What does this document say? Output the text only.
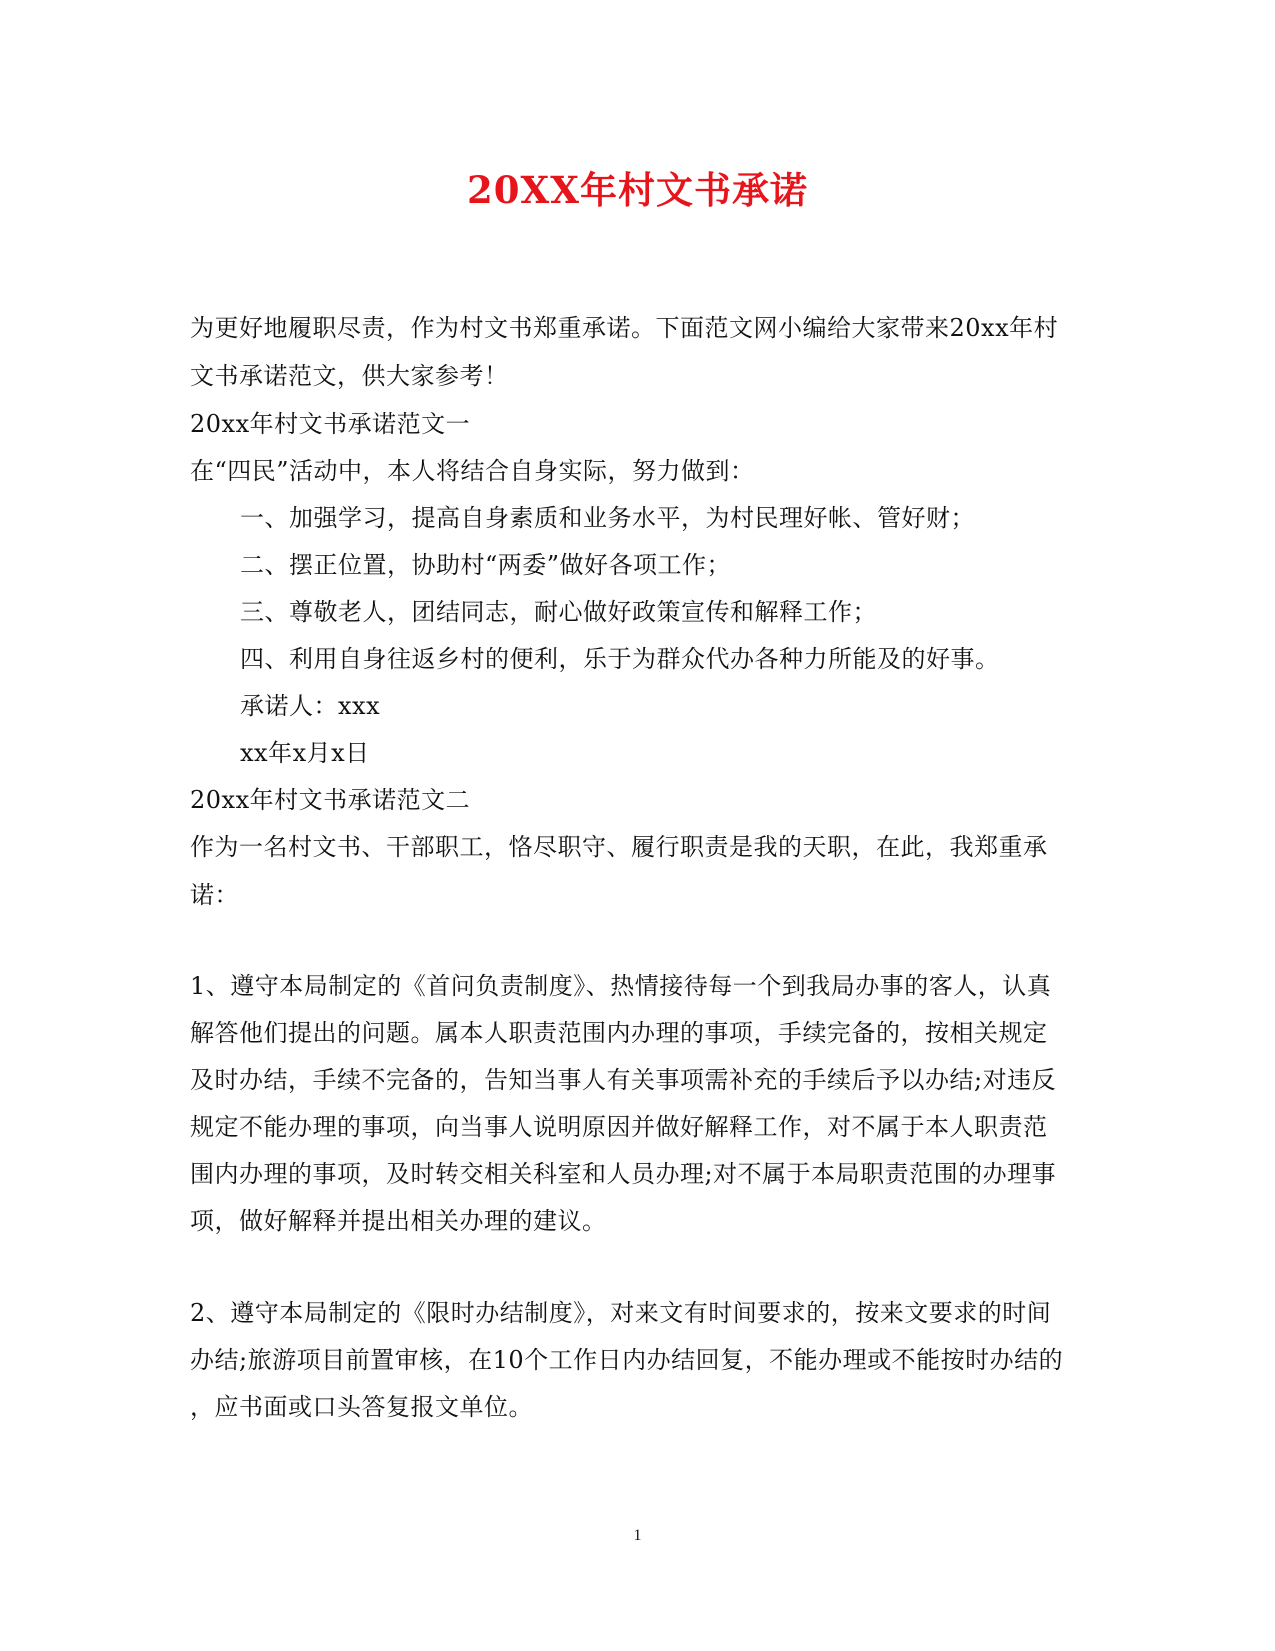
20XX年村文书承诺
为更好地履职尽责，作为村文书郑重承诺。下面范文网小编给大家带来20xx年村
文书承诺范文，供大家参考！
20xx年村文书承诺范文一
在“四民”活动中，本人将结合自身实际，努力做到：
一、加强学习，提高自身素质和业务水平，为村民理好帐、管好财；
二、摆正位置，协助村“两委”做好各项工作；
三、尊敬老人，团结同志，耐心做好政策宣传和解释工作；
四、利用自身往返乡村的便利，乐于为群众代办各种力所能及的好事。
承诺人：xxx
xx年x月x日
20xx年村文书承诺范文二
作为一名村文书、干部职工，恪尽职守、履行职责是我的天职，在此，我郑重承
诺：
1、遵守本局制定的《首问负责制度》、热情接待每一个到我局办事的客人，认真
解答他们提出的问题。属本人职责范围内办理的事项，手续完备的，按相关规定
及时办结，手续不完备的，告知当事人有关事项需补充的手续后予以办结;对违反
规定不能办理的事项，向当事人说明原因并做好解释工作，对不属于本人职责范
围内办理的事项，及时转交相关科室和人员办理;对不属于本局职责范围的办理事
项，做好解释并提出相关办理的建议。
2、遵守本局制定的《限时办结制度》，对来文有时间要求的，按来文要求的时间
办结;旅游项目前置审核，在10个工作日内办结回复，不能办理或不能按时办结的
，应书面或口头答复报文单位。
1
